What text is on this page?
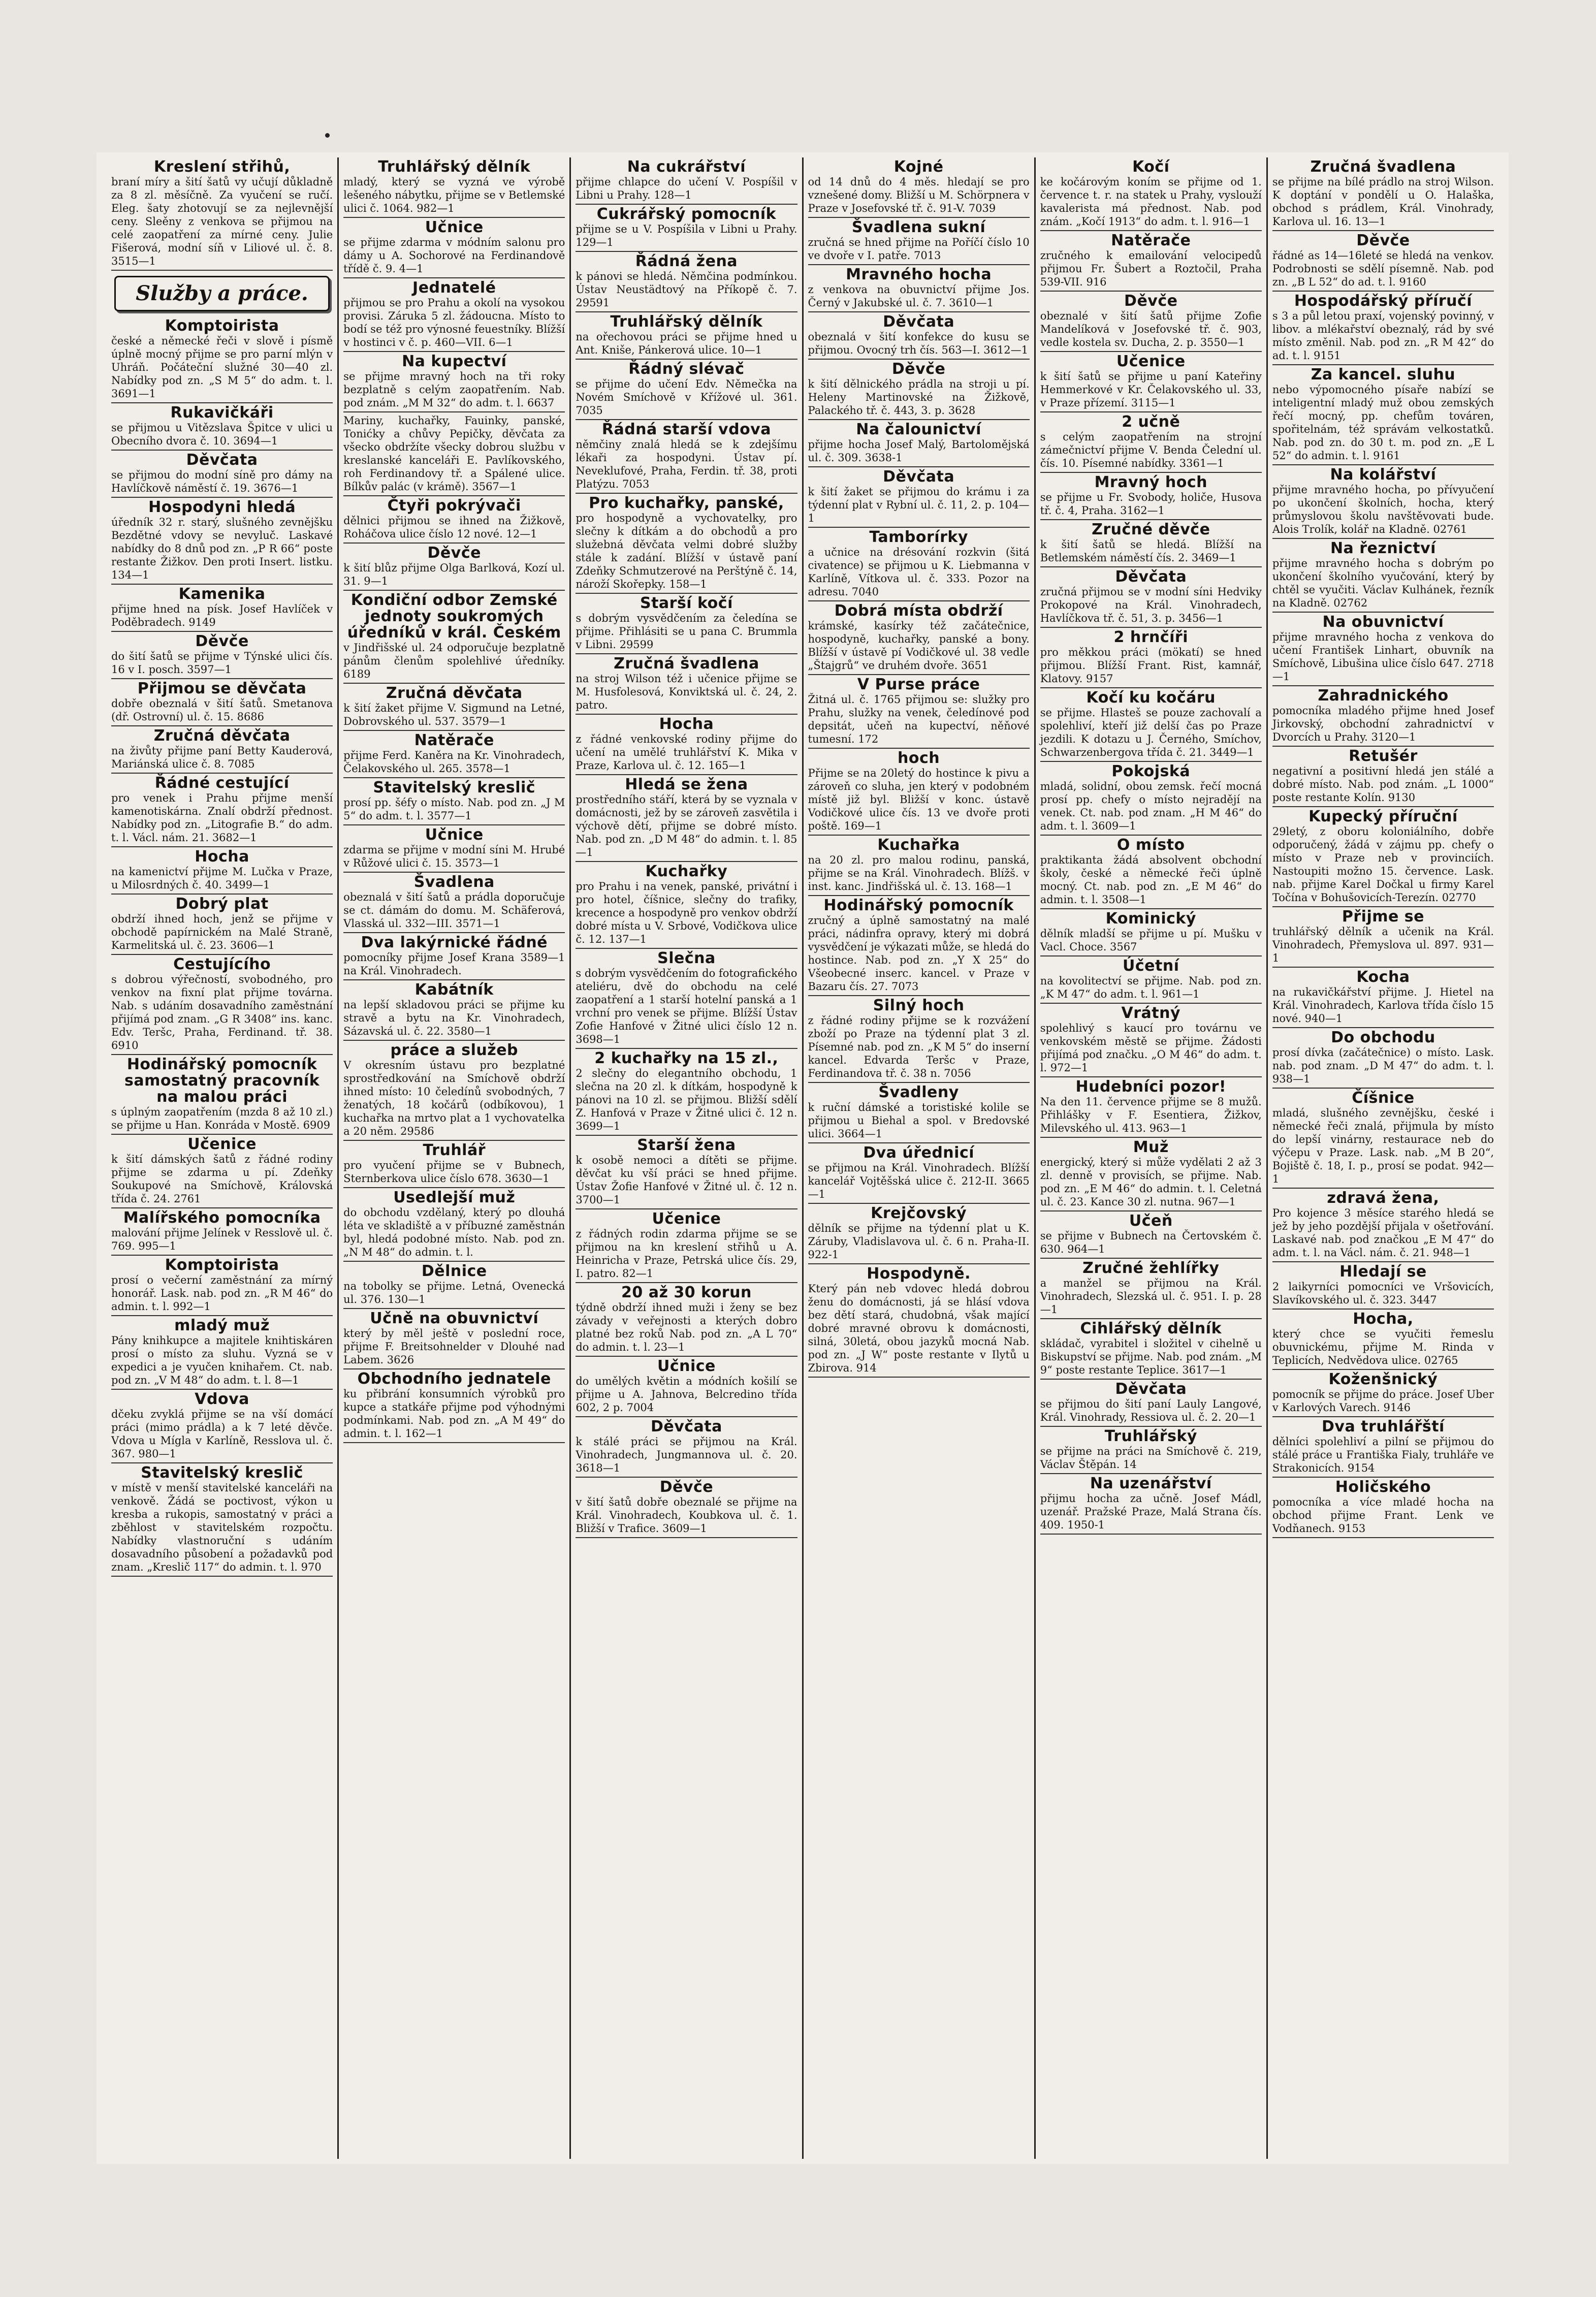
Kreslení střihů,
braní míry a šití šatů vy učují důkladně za 8 zl. měsíčně. Za vyučení se ručí. Eleg. šaty zhotovují se za nejlevnější ceny. Sleěny z venkova se přijmou na celé zaopatření za mírné ceny. Julie Fišerová, modní síň v Liliové ul. č. 8. 3515—1
Služby a práce.
Komptoirista
české a německé řeči v slově i písmě úplně mocný přijme se pro parní mlýn v Uhráň. Počáteční služné 30—40 zl. Nabídky pod zn. „S M 5“ do adm. t. l. 3691—1
Rukavičkáři
se přijmou u Vitězslava Špitce v ulici u Obecního dvora č. 10. 3694—1
Děvčata
se přijmou do modní síně pro dámy na Havlíčkově náměstí č. 19. 3676—1
Hospodyni hledá
úředník 32 r. starý, slušného zevnějšku Bezdětné vdovy se nevyluč. Laskavé nabídky do 8 dnů pod zn. „P R 66“ poste restante Žižkov. Den proti Insert. listku. 134—1
Kamenika
přijme hned na písk. Josef Havlíček v Poděbradech. 9149
Děvče
do šití šatů se přijme v Týnské ulici čís. 16 v I. posch. 3597—1
Přijmou se děvčata
dobře obeznalá v šití šatů. Smetanova (dř. Ostrovní) ul. č. 15. 8686
Zručná děvčata
na živůty přijme paní Betty Kauderová, Mariánská ulice č. 8. 7085
Řádné cestující
pro venek i Prahu přijme menší kamenotiskárna. Znalí obdrží přednost. Nabídky pod zn. „Litografie B.“ do adm. t. l. Václ. nám. 21. 3682—1
Hocha
na kamenictví přijme M. Lučka v Praze, u Milosrdných č. 40. 3499—1
Dobrý plat
obdrží ihned hoch, jenž se přijme v obchodě papírnickém na Malé Straně, Karmelitská ul. č. 23. 3606—1
Cestujícího
s dobrou výřečností, svobodného, pro venkov na fixní plat přijme továrna. Nab. s udáním dosavadního zaměstnání přijímá pod znam. „G R 3408“ ins. kanc. Edv. Teršc, Praha, Ferdinand. tř. 38. 6910
Hodinářský pomocník samostatný pracovník na malou práci
s úplným zaopatřením (mzda 8 až 10 zl.) se přijme u Han. Konráda v Mostě. 6909
Učenice
k šití dámských šatů z řádné rodiny přijme se zdarma u pí. Zdeňky Soukupové na Smíchově, Královská třída č. 24. 2761
Malířského pomocníka
malování přijme Jelínek v Resslově ul. č. 769. 995—1
Komptoirista
prosí o večerní zaměstnání za mírný honorář. Lask. nab. pod zn. „R M 46“ do admin. t. l. 992—1
mladý muž
Pány knihkupce a majitele knihtiskáren prosí o místo za sluhu. Vyzná se v expedici a je vyučen knihařem. Ct. nab. pod zn. „V M 48“ do adm. t. l. 8—1
Vdova
dčeku zvyklá přijme se na vší domácí práci (mimo prádla) a k 7 leté děvče. Vdova u Mígla v Karlíně, Resslova ul. č. 367. 980—1
Stavitelský kreslič
v místě v menší stavitelské kanceláři na venkově. Žádá se poctivost, výkon u kresba a rukopis, samostatný v práci a zběhlost v stavitelském rozpočtu. Nabídky vlastnoruční s udáním dosavadního působení a požadavků pod znam. „Kreslič 117“ do admin. t. l. 970
Truhlářský dělník
mladý, který se vyzná ve výrobě lešeného nábytku, přijme se v Betlemské ulici č. 1064. 982—1
Učnice
se přijme zdarma v módním salonu pro dámy u A. Sochorové na Ferdinandově třídě č. 9. 4—1
Jednatelé
přijmou se pro Prahu a okolí na vysokou provisi. Záruka 5 zl. žádoucna. Místo to bodí se též pro výnosné feuestníky. Blížší v hostinci v č. p. 460—VII. 6—1
Na kupectví
se přijme mravný hoch na tři roky bezplatně s celým zaopatřením. Nab. pod znám. „M M 32“ do adm. t. l. 6637
Mariny, kuchařky, Fauinky, panské, Tonićky a chůvy Pepičky, děvčata za všecko obdržíte všecky dobrou službu v kreslanské kanceláři E. Pavlíkovského, roh Ferdinandovy tř. a Spálené ulice. Bílkův palác (v krámě). 3567—1
Čtyři pokrývači
dělnici přijmou se ihned na Žižkově, Roháčova ulice číslo 12 nové. 12—1
Děvče
k šití blůz přijme Olga Barlková, Kozí ul. 31. 9—1
Kondiční odbor Zemské jednoty soukromých úředníků v král. Českém
v Jindřišské ul. 24 odporučuje bezplatně pánům členům spolehlivé úředníky. 6189
Zručná děvčata
k šití žaket přijme V. Sigmund na Letné, Dobrovského ul. 537. 3579—1
Natěrače
přijme Ferd. Kaněra na Kr. Vinohradech, Čelakovského ul. 265. 3578—1
Stavitelský kreslič
prosí pp. šéfy o místo. Nab. pod zn. „J M 5“ do adm. t. l. 3577—1
Učnice
zdarma se přijme v modní síni M. Hrubé v Růžové ulici č. 15. 3573—1
Švadlena
obeznalá v šití šatů a prádla doporučuje se ct. dámám do domu. M. Schäferová, Vlasská ul. 332—III. 3571—1
Dva lakýrnické řádné
pomocníky přijme Josef Krana 3589—1 na Král. Vinohradech.
Kabátník
na lepší skladovou práci se přijme ku stravě a bytu na Kr. Vinohradech, Sázavská ul. č. 22. 3580—1
práce a služeb
V okresním ústavu pro bezplatné sprostředkování na Smíchově obdrží ihned místo: 10 čeledínů svobodných, 7 ženatých, 18 kočárů (odbíkovou), 1 kuchařka na mrtvo plat a 1 vychovatelka a 20 něm. 29586
Truhlář
pro vyučení přijme se v Bubnech, Sternberkova ulice číslo 678. 3630—1
Usedlejší muž
do obchodu vzdělaný, který po dlouhá léta ve skladiště a v příbuzné zaměstnán byl, hledá podobné místo. Nab. pod zn. „N M 48“ do admin. t. l.
Dělnice
na tobolky se přijme. Letná, Ovenecká ul. 376. 130—1
Učně na obuvnictví
který by měl ještě v poslední roce, přijme F. Breitsohnelder v Dlouhé nad Labem. 3626
Obchodního jednatele
ku přibrání konsumních výrobků pro kupce a statkáře přijme pod výhodnými podmínkami. Nab. pod zn. „A M 49“ do admin. t. l. 162—1
Na cukrářství
přijme chlapce do učení V. Pospíšil v Libni u Prahy. 128—1
Cukrářský pomocník
přijme se u V. Pospíšila v Libni u Prahy. 129—1
Řádná žena
k pánovi se hledá. Němčina podmínkou. Ústav Neustädtový na Příkopě č. 7. 29591
Truhlářský dělník
na ořechovou práci se přijme hned u Ant. Kniše, Pánkerová ulice. 10—1
Řádný slévač
se přijme do učení Edv. Němečka na Novém Smíchově v Křížové ul. 361. 7035
Řádná starší vdova
němčiny znalá hledá se k zdejšímu lékaři za hospodyni. Ústav pí. Neveklufové, Praha, Ferdin. tř. 38, proti Platýzu. 7053
Pro kuchařky, panské,
pro hospodyně a vychovatelky, pro slečny k dítkám a do obchodů a pro služebná děvčata velmi dobré služby stále k zadání. Blížší v ústavě paní Zdeňky Schmutzerové na Perštýně č. 14, nároží Skořepky. 158—1
Starší kočí
s dobrým vysvědčením za čeledína se přijme. Přihlásiti se u pana C. Brummla v Libni. 29599
Zručná švadlena
na stroj Wilson též i učenice přijme se M. Husfolesová, Konviktská ul. č. 24, 2. patro.
Hocha
z řádné venkovské rodiny přijme do učení na umělé truhlářství K. Mika v Praze, Karlova ul. č. 12. 165—1
Hledá se žena
prostředního stáří, která by se vyznala v domácnosti, jež by se zároveň zasvětila i výchově dětí, přijme se dobré místo. Nab. pod zn. „D M 48“ do admin. t. l. 85—1
Kuchařky
pro Prahu i na venek, panské, privátní i pro hotel, číšnice, slečny do trafiky, krecence a hospodyně pro venkov obdrží dobré místa u V. Srbové, Vodičkova ulice č. 12. 137—1
Slečna
s dobrým vysvědčením do fotografického ateliéru, dvě do obchodu na celé zaopatření a 1 starší hotelní panská a 1 vrchní pro venek se přijme. Blížší Ústav Zofie Hanfové v Žitné ulici číslo 12 n. 3698—1
2 kuchařky na 15 zl.,
2 slečny do elegantního obchodu, 1 slečna na 20 zl. k dítkám, hospodyně k pánovi na 10 zl. se přijmou. Bližší sdělí Z. Hanfová v Praze v Žitné ulici č. 12 n. 3699—1
Starší žena
k osobě nemoci a dítěti se přijme. děvčat ku vší práci se hned přijme. Ústav Žofie Hanfové v Žitné ul. č. 12 n. 3700—1
Učenice
z řádných rodin zdarma přijme se se přijmou na kn kreslení střihů u A. Heinricha v Praze, Petrská ulice čís. 29, I. patro. 82—1
20 až 30 korun
týdně obdrží ihned muži i ženy se bez závady v veřejnosti a kterých dobro platné bez roků Nab. pod zn. „A L 70“ do admin. t. l. 23—1
Učnice
do umělých květin a módních košilí se přijme u A. Jahnova, Belcredino třída 602, 2 p. 7004
Děvčata
k stálé práci se přijmou na Král. Vinohradech, Jungmannova ul. č. 20. 3618—1
Děvče
v šití šatů dobře obeznalé se přijme na Král. Vinohradech, Koubkova ul. č. 1. Bližší v Trafice. 3609—1
Kojné
od 14 dnů do 4 měs. hledají se pro vznešené domy. Bližší u M. Schörpnera v Praze v Josefovské tř. č. 91-V. 7039
Švadlena sukní
zručná se hned přijme na Poříčí číslo 10 ve dvoře v I. patře. 7013
Mravného hocha
z venkova na obuvnictví přijme Jos. Černý v Jakubské ul. č. 7. 3610—1
Děvčata
obeznalá v šití konfekce do kusu se přijmou. Ovocný trh čís. 563—I. 3612—1
Děvče
k šití dělnického prádla na stroji u pí. Heleny Martinovské na Žižkově, Palackého tř. č. 443, 3. p. 3628
Na čalounictví
přijme hocha Josef Malý, Bartolomějská ul. č. 309. 3638-1
Děvčata
k šití žaket se přijmou do krámu i za týdenní plat v Rybní ul. č. 11, 2. p. 104—1
Tamborírky
a učnice na drésování rozkvin (šitá civatence) se přijmou u K. Liebmanna v Karlíně, Vítkova ul. č. 333. Pozor na adresu. 7040
Dobrá místa obdrží
krámské, kasírky též začátečnice, hospodyně, kuchařky, panské a bony. Blížší v ústavě pí Vodičkové ul. 38 vedle „Štajgrů“ ve druhém dvoře. 3651
V Purse práce
Žitná ul. č. 1765 přijmou se: služky pro Prahu, služky na venek, čeledínové pod depsitát, učeň na kupectví, něňové tumesní. 172
hoch
Přijme se na 20letý do hostince k pivu a zároveň co sluha, jen který v podobném místě již byl. Bližší v konc. ústavě Vodičkové ulice čís. 13 ve dvoře proti poště. 169—1
Kuchařka
na 20 zl. pro malou rodinu, panská, přijme se na Král. Vinohradech. Blížš. v inst. kanc. Jindřišská ul. č. 13. 168—1
Hodinářský pomocník
zručný a úplně samostatný na malé práci, nádinfra opravy, který mi dobrá vysvědčení je výkazati může, se hledá do hostince. Nab. pod zn. „Y X 25“ do Všeobecné inserc. kancel. v Praze v Bazaru čís. 27. 7073
Silný hoch
z řádné rodiny přijme se k rozvážení zboží po Praze na týdenní plat 3 zl. Písemné nab. pod zn. „K M 5“ do inserní kancel. Edvarda Teršc v Praze, Ferdinandova tř. č. 38 n. 7056
Švadleny
k ruční dámské a toristiské kolile se přijmou u Biehal a spol. v Bredovské ulici. 3664—1
Dva úřednicí
se přijmou na Král. Vinohradech. Blížší kancelář Vojtěšská ulice č. 212-II. 3665—1
Krejčovský
dělník se přijme na týdenní plat u K. Záruby, Vladislavova ul. č. 6 n. Praha-II. 922-1
Hospodyně.
Který pán neb vdovec hledá dobrou ženu do domácnosti, já se hlásí vdova bez dětí stará, chudobná, však mající dobré mravné obrovu k domácnosti, silná, 30letá, obou jazyků mocná Nab. pod zn. „J W“ poste restante v Ilytů u Zbirova. 914
Kočí
ke kočárovým koním se přijme od 1. července t. r. na statek u Prahy, vyslouží kavalerista má přednost. Nab. pod znám. „Kočí 1913“ do adm. t. l. 916—1
Natěrače
zručného k emailování velocipedů přijmou Fr. Šubert a Roztočil, Praha 539-VII. 916
Děvče
obeznalé v šití šatů přijme Zofie Mandelíková v Josefovské tř. č. 903, vedle kostela sv. Ducha, 2. p. 3550—1
Učenice
k šití šatů se přijme u paní Kateřiny Hemmerkové v Kr. Čelakovského ul. 33, v Praze přízemí. 3115—1
2 učně
s celým zaopatřením na strojní zámečnictví přijme V. Benda Čelední ul. čís. 10. Písemné nabídky. 3361—1
Mravný hoch
se přijme u Fr. Svobody, holiče, Husova tř. č. 4, Praha. 3162—1
Zručné děvče
k šití šatů se hledá. Blížší na Betlemském náměstí čís. 2. 3469—1
Děvčata
zručná přijmou se v modní síni Hedviky Prokopové na Král. Vinohradech, Havlíčkova tř. č. 51, 3. p. 3456—1
2 hrnčíři
pro měkkou práci (mökatí) se hned přijmou. Blížší Frant. Rist, kamnář, Klatovy. 9157
Kočí ku kočáru
se přijme. Hlasteš se pouze zachovalí a spolehliví, kteří již delší čas po Praze jezdili. K dotazu u J. Černého, Smíchov, Schwarzenbergova třída č. 21. 3449—1
Pokojská
mladá, solidní, obou zemsk. řečí mocná prosí pp. chefy o místo nejradějí na venek. Ct. nab. pod znam. „H M 46“ do adm. t. l. 3609—1
O místo
praktikanta žádá absolvent obchodní školy, české a německé řeči úplně mocný. Ct. nab. pod zn. „E M 46“ do admin. t. l. 3508—1
Kominický
dělník mladší se přijme u pí. Mušku v Vacl. Choce. 3567
Účetní
na kovolitectví se přijme. Nab. pod zn. „K M 47“ do adm. t. l. 961—1
Vrátný
spolehlivý s kaucí pro továrnu ve venkovském městě se přijme. Žádosti přijímá pod značku. „O M 46“ do adm. t. l. 972—1
Hudebníci pozor!
Na den 11. července přijme se 8 mužů. Přihlášky v F. Esentiera, Žižkov, Milevského ul. 413. 963—1
Muž
energický, který si může vydělati 2 až 3 zl. denně v provisích, se přijme. Nab. pod zn. „E M 46“ do admin. t. l. Celetná ul. č. 23. Kance 30 zl. nutna. 967—1
Učeň
se přijme v Bubnech na Čertovském č. 630. 964—1
Zručné žehlířky
a manžel se přijmou na Král. Vinohradech, Slezská ul. č. 951. I. p. 28—1
Cihlářský dělník
skládač, vyrabitel i složitel v cihelně u Biskupství se přijme. Nab. pod znám. „M 9“ poste restante Teplice. 3617—1
Děvčata
se přijmou do šití paní Lauly Langové, Král. Vinohrady, Ressiova ul. č. 2. 20—1
Truhlářský
se přijme na práci na Smíchově č. 219, Václav Štěpán. 14
Na uzenářství
přijmu hocha za učně. Josef Mádl, uzenář. Pražské Praze, Malá Strana čís. 409. 1950-1
Zručná švadlena
se přijme na bílé prádlo na stroj Wilson. K doptání v pondělí u O. Halaška, obchod s prádlem, Král. Vinohrady, Karlova ul. 16. 13—1
Děvče
řádné as 14—16leté se hledá na venkov. Podrobnosti se sdělí písemně. Nab. pod zn. „B L 52“ do ad. t. l. 9160
Hospodářský příručí
s 3 a půl letou praxí, vojenský povinný, v libov. a mlékařství obeznalý, rád by své místo změnil. Nab. pod zn. „R M 42“ do ad. t. l. 9151
Za kancel. sluhu
nebo výpomocného písaře nabízí se inteligentní mladý muž obou zemských řečí mocný, pp. chefům továren, spořitelnám, též správám velkostatků. Nab. pod zn. do 30 t. m. pod zn. „E L 52“ do admin. t. l. 9161
Na kolářství
přijme mravného hocha, po přívyučení po ukončení školních, hocha, který průmyslovou školu navštěvovati bude. Alois Trolík, kolář na Kladně. 02761
Na řeznictví
přijme mravného hocha s dobrým po ukončení školního vyučování, který by chtěl se vyučiti. Václav Kulhánek, řezník na Kladně. 02762
Na obuvnictví
přijme mravného hocha z venkova do učení František Linhart, obuvník na Smíchově, Libušina ulice číslo 647. 2718—1
Zahradnického
pomocníka mladého přijme hned Josef Jirkovský, obchodní zahradnictví v Dvorcích u Prahy. 3120—1
Retušér
negativní a positivní hledá jen stálé a dobré místo. Nab. pod znám. „L 1000“ poste restante Kolín. 9130
Kupecký příruční
29letý, z oboru koloniálního, dobře odporučený, žádá v zájmu pp. chefy o místo v Praze neb v provinciích. Nastoupiti možno 15. července. Lask. nab. přijme Karel Dočkal u firmy Karel Točína v Bohušovicích-Terezín. 02770
Přijme se
truhlářský dělník a učenik na Král. Vinohradech, Přemyslova ul. 897. 931—1
Kocha
na rukavičkářství přijme. J. Hietel na Král. Vinohradech, Karlova třída číslo 15 nové. 940—1
Do obchodu
prosí dívka (začátečnice) o místo. Lask. nab. pod znam. „D M 47“ do adm. t. l. 938—1
Číšnice
mladá, slušného zevnějšku, české i německé řeči znalá, přijmula by místo do lepší vinárny, restaurace neb do výčepu v Praze. Lask. nab. „M B 20“, Bojiště č. 18, I. p., prosí se podat. 942—1
zdravá žena,
Pro kojence 3 měsíce starého hledá se jež by jeho pozdější přijala v ošetřování. Laskavé nab. pod značkou „E M 47“ do adm. t. l. na Václ. nám. č. 21. 948—1
Hledají se
2 laikyrníci pomocníci ve Vršovicích, Slavíkovského ul. č. 323. 3447
Hocha,
který chce se vyučiti řemeslu obuvnickému, přijme M. Rinda v Teplicích, Nedvědova ulice. 02765
Koženšnický
pomocník se přijme do práce. Josef Uber v Karlových Varech. 9146
Dva truhlářští
dělníci spolehliví a pilní se přijmou do stálé práce u Františka Fialy, truhláře ve Strakonicích. 9154
Holičského
pomocníka a více mladé hocha na obchod přijme Frant. Lenk ve Vodňanech. 9153
